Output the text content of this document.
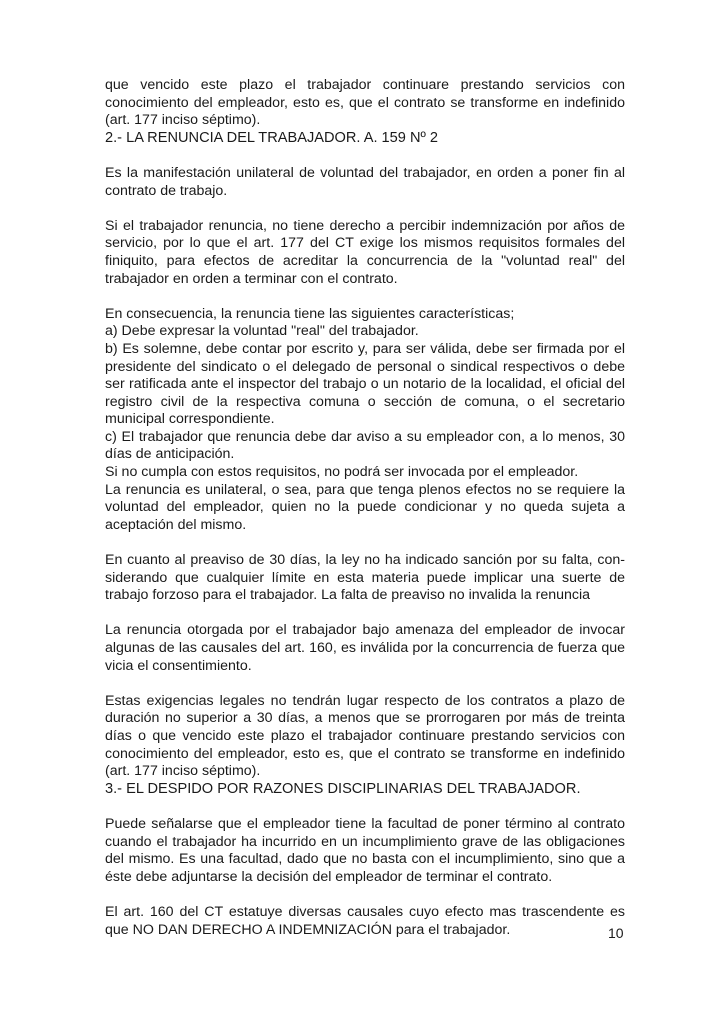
que vencido este plazo el trabajador continuare prestando servicios con conocimiento del empleador, esto es, que el contrato se transforme en indefinido (art. 177 inciso séptimo).

2.- LA RENUNCIA DEL TRABAJADOR. A. 159 Nº 2

Es la manifestación unilateral de voluntad del trabajador, en orden a poner fin al contrato de trabajo.

Si el trabajador renuncia, no tiene derecho a percibir indemnización por años de servicio, por lo que el art. 177 del CT exige los mismos requisitos formales del finiquito, para efectos de acreditar la concurrencia de la "voluntad real" del trabajador en orden a terminar con el contrato.

En consecuencia, la renuncia tiene las siguientes características;

a) Debe expresar la voluntad "real" del trabajador.

b) Es solemne, debe contar por escrito y, para ser válida, debe ser firmada por el presidente del sindicato o el delegado de personal o sindical respectivos o debe ser ratificada ante el inspector del trabajo o un notario de la localidad, el oficial del registro civil de la respectiva comuna o sección de comuna, o el secretario municipal correspondiente.

c) El trabajador que renuncia debe dar aviso a su empleador con, a lo menos, 30 días de anticipación.

Si no cumpla con estos requisitos, no podrá ser invocada por el empleador.

La renuncia es unilateral, o sea, para que tenga plenos efectos no se requiere la voluntad del empleador, quien no la puede condicionar y no queda sujeta a aceptación del mismo.

En cuanto al preaviso de 30 días, la ley no ha indicado sanción por su falta, con-siderando que cualquier límite en esta materia puede implicar una suerte de trabajo forzoso para el trabajador. La falta de preaviso no invalida la renuncia

La renuncia otorgada por el trabajador bajo amenaza del empleador de invocar algunas de las causales del art. 160, es inválida por la concurrencia de fuerza que vicia el consentimiento.

Estas exigencias legales no tendrán lugar respecto de los contratos a plazo de duración no superior a 30 días, a menos que se prorrogaren por más de treinta días o que vencido este plazo el trabajador continuare prestando servicios con conocimiento del empleador, esto es, que el contrato se transforme en indefinido (art. 177 inciso séptimo).

3.- EL DESPIDO POR RAZONES DISCIPLINARIAS DEL TRABAJADOR.

Puede señalarse que el empleador tiene la facultad de poner término al contrato cuando el trabajador ha incurrido en un incumplimiento grave de las obligaciones del mismo. Es una facultad, dado que no basta con el incumplimiento, sino que a éste debe adjuntarse la decisión del empleador de terminar el contrato.

El art. 160 del CT estatuye diversas causales cuyo efecto mas trascendente es que NO DAN DERECHO A INDEMNIZACIÓN para el trabajador.	10
